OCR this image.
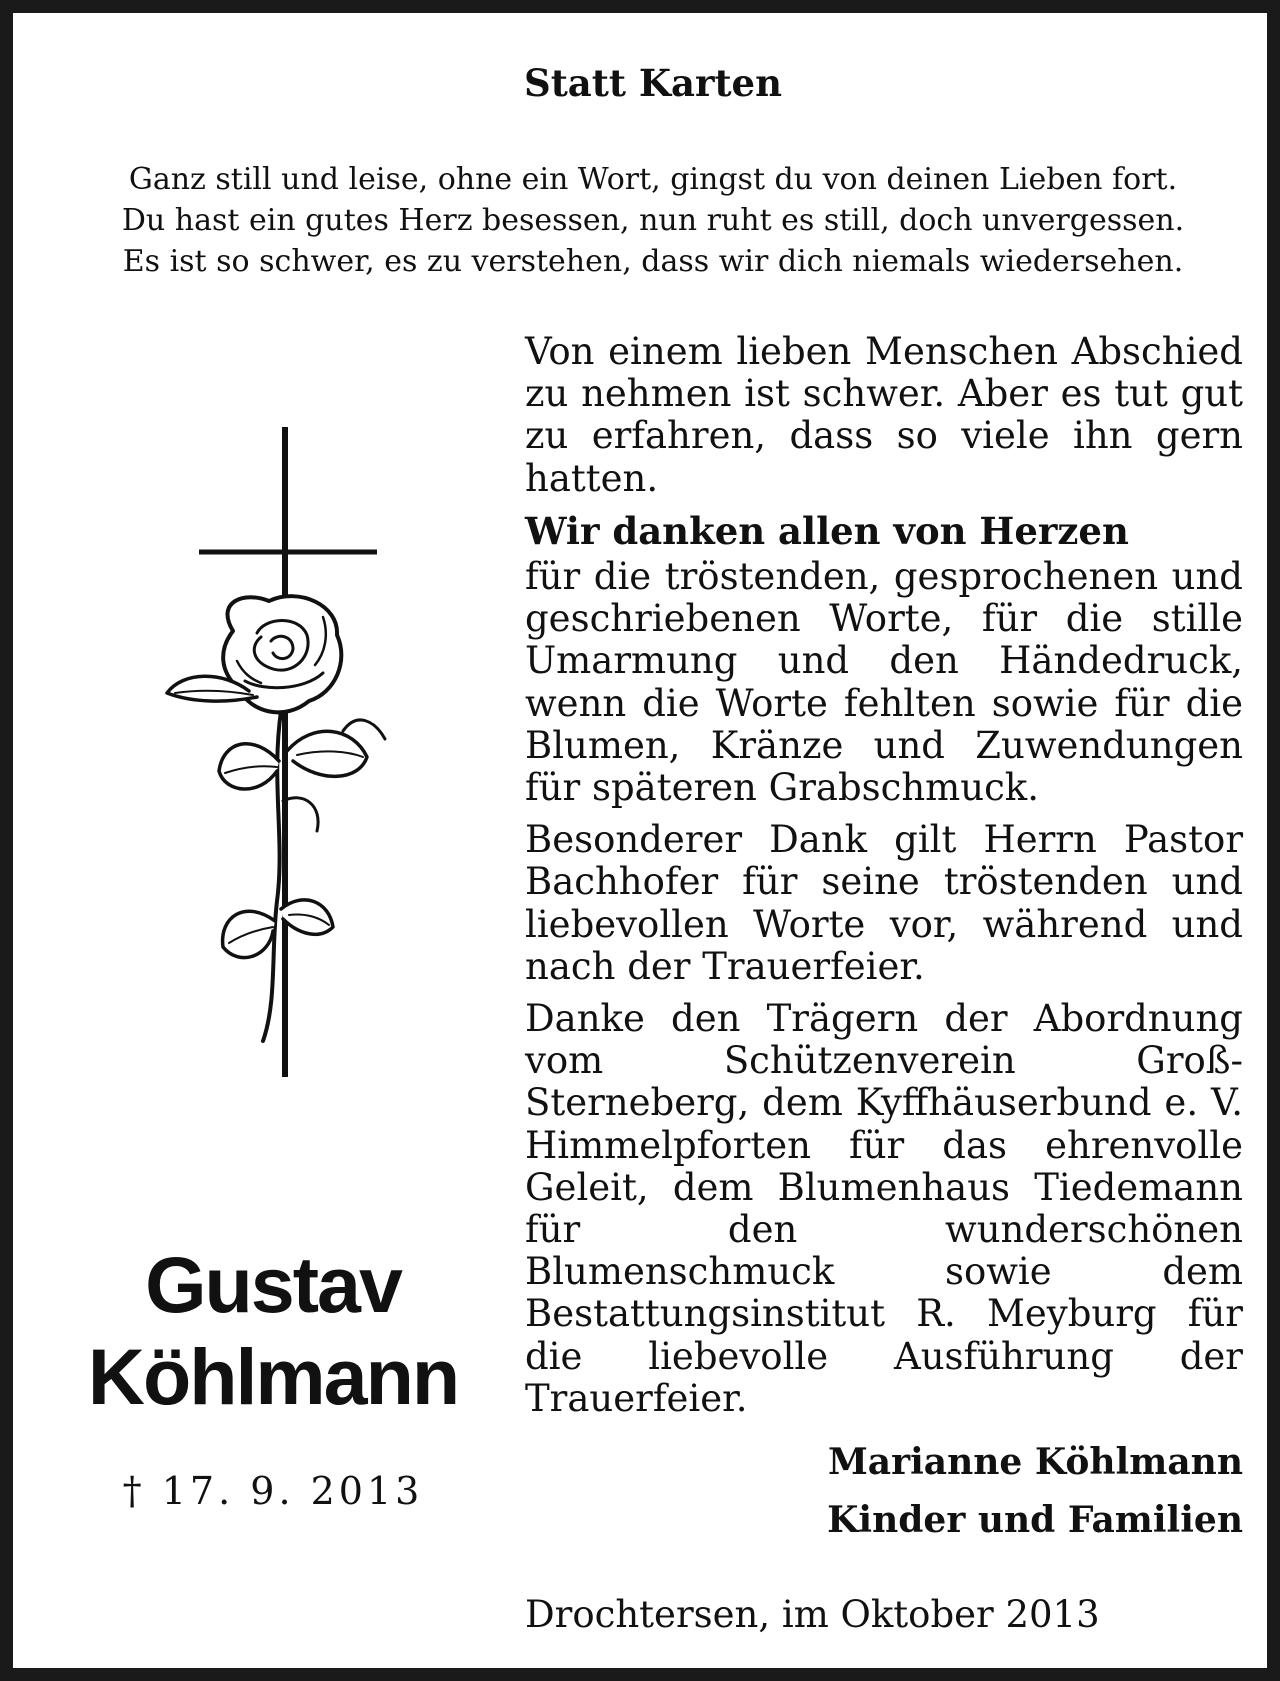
Statt Karten
Ganz still und leise, ohne ein Wort, gingst du von deinen Lieben fort.
Du hast ein gutes Herz besessen, nun ruht es still, doch unvergessen.
Es ist so schwer, es zu verstehen, dass wir dich niemals wiedersehen.
Gustav
Köhlmann
† 17. 9. 2013

Von einem lieben Menschen Abschied zu nehmen ist schwer. Aber es tut gut zu erfahren, dass so viele ihn gern hatten.

Wir danken allen von Herzen

für die tröstenden, gesprochenen und geschriebenen Worte, für die stille Umarmung und den Händedruck, wenn die Worte fehlten sowie für die Blumen, Kränze und Zuwendungen für späteren Grabschmuck.

Besonderer Dank gilt Herrn Pastor Bachhofer für seine tröstenden und liebevollen Worte vor, während und nach der Trauerfeier.

Danke den Trägern der Abordnung vom Schützenverein Groß-Sterneberg, dem Kyffhäuserbund e. V. Himmelpforten für das ehrenvolle Geleit, dem Blumenhaus Tiedemann für den wunderschönen Blumenschmuck sowie dem Bestattungsinstitut R. Meyburg für die liebevolle Ausführung der Trauerfeier.

Marianne Köhlmann
Kinder und Familien
Drochtersen, im Oktober 2013
